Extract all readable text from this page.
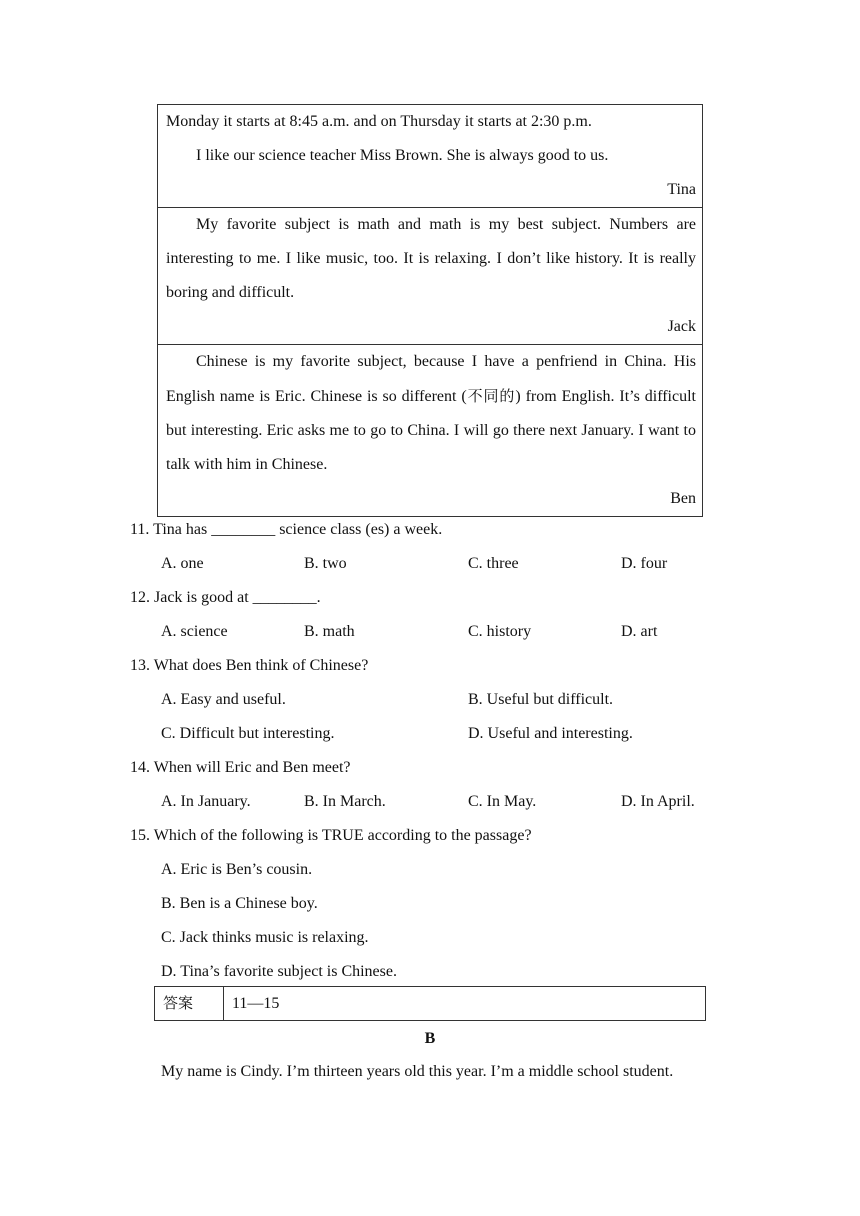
Monday it starts at 8:45 a.m. and on Thursday it starts at 2:30 p.m.
I like our science teacher Miss Brown. She is always good to us.
Tina
My favorite subject is math and math is my best subject. Numbers are interesting to me. I like music, too. It is relaxing. I don’t like history. It is really boring and difficult.
Jack
Chinese is my favorite subject, because I have a penfriend in China. His English name is Eric. Chinese is so different (不同的) from English. It’s difficult but interesting. Eric asks me to go to China. I will go there next January. I want to talk with him in Chinese.
Ben
11. Tina has ________ science class (es) a week.
A. one	B. two	C. three	D. four
12. Jack is good at ________.
A. science	B. math	C. history	D. art
13. What does Ben think of Chinese?
A. Easy and useful.	B. Useful but difficult.
C. Difficult but interesting.	D. Useful and interesting.
14. When will Eric and Ben meet?
A. In January.	B. In March.	C. In May.	D. In April.
15. Which of the following is TRUE according to the passage?
A. Eric is Ben’s cousin.
B. Ben is a Chinese boy.
C. Jack thinks music is relaxing.
D. Tina’s favorite subject is Chinese.
答案	11—15
B
My name is Cindy. I’m thirteen years old this year. I’m a middle school student.
